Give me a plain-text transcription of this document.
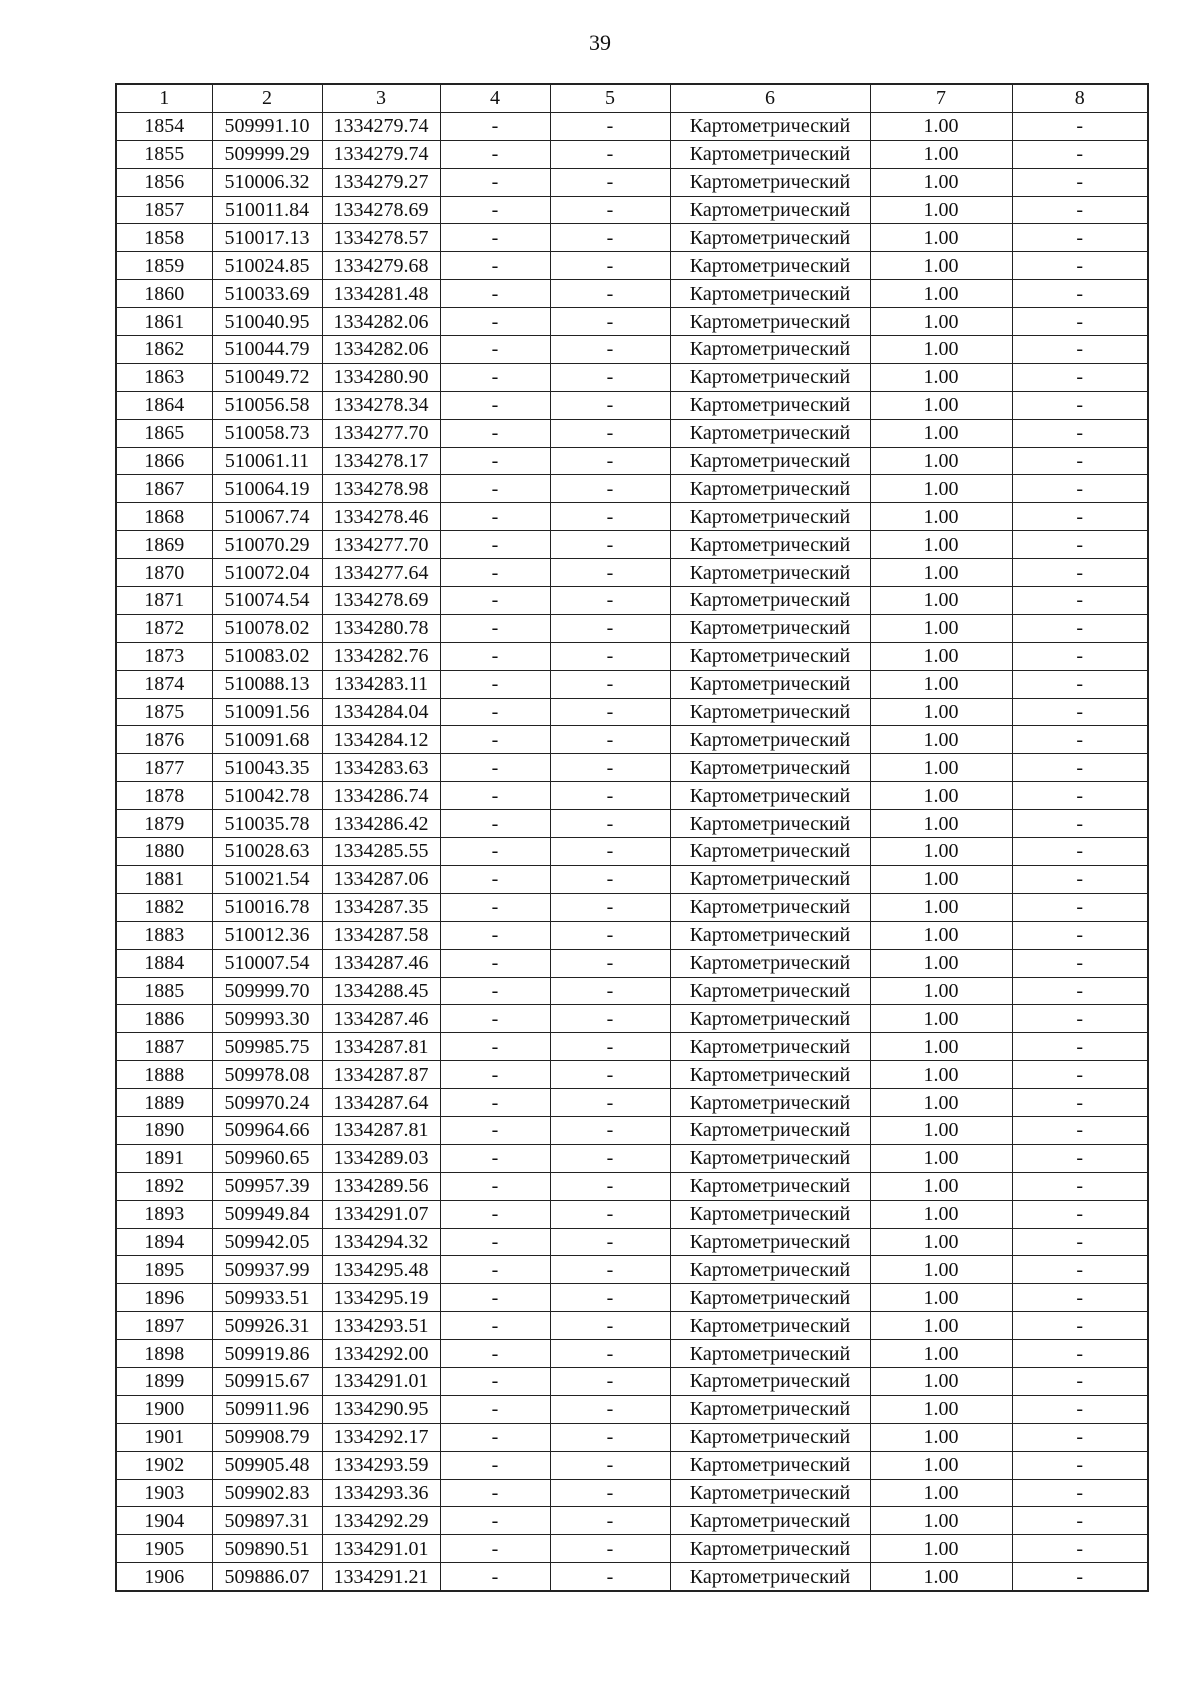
39
1	2	3	4	5	6	7	8
1854	509991.10	1334279.74	-	-	Картометрический	1.00	-
1855	509999.29	1334279.74	-	-	Картометрический	1.00	-
1856	510006.32	1334279.27	-	-	Картометрический	1.00	-
1857	510011.84	1334278.69	-	-	Картометрический	1.00	-
1858	510017.13	1334278.57	-	-	Картометрический	1.00	-
1859	510024.85	1334279.68	-	-	Картометрический	1.00	-
1860	510033.69	1334281.48	-	-	Картометрический	1.00	-
1861	510040.95	1334282.06	-	-	Картометрический	1.00	-
1862	510044.79	1334282.06	-	-	Картометрический	1.00	-
1863	510049.72	1334280.90	-	-	Картометрический	1.00	-
1864	510056.58	1334278.34	-	-	Картометрический	1.00	-
1865	510058.73	1334277.70	-	-	Картометрический	1.00	-
1866	510061.11	1334278.17	-	-	Картометрический	1.00	-
1867	510064.19	1334278.98	-	-	Картометрический	1.00	-
1868	510067.74	1334278.46	-	-	Картометрический	1.00	-
1869	510070.29	1334277.70	-	-	Картометрический	1.00	-
1870	510072.04	1334277.64	-	-	Картометрический	1.00	-
1871	510074.54	1334278.69	-	-	Картометрический	1.00	-
1872	510078.02	1334280.78	-	-	Картометрический	1.00	-
1873	510083.02	1334282.76	-	-	Картометрический	1.00	-
1874	510088.13	1334283.11	-	-	Картометрический	1.00	-
1875	510091.56	1334284.04	-	-	Картометрический	1.00	-
1876	510091.68	1334284.12	-	-	Картометрический	1.00	-
1877	510043.35	1334283.63	-	-	Картометрический	1.00	-
1878	510042.78	1334286.74	-	-	Картометрический	1.00	-
1879	510035.78	1334286.42	-	-	Картометрический	1.00	-
1880	510028.63	1334285.55	-	-	Картометрический	1.00	-
1881	510021.54	1334287.06	-	-	Картометрический	1.00	-
1882	510016.78	1334287.35	-	-	Картометрический	1.00	-
1883	510012.36	1334287.58	-	-	Картометрический	1.00	-
1884	510007.54	1334287.46	-	-	Картометрический	1.00	-
1885	509999.70	1334288.45	-	-	Картометрический	1.00	-
1886	509993.30	1334287.46	-	-	Картометрический	1.00	-
1887	509985.75	1334287.81	-	-	Картометрический	1.00	-
1888	509978.08	1334287.87	-	-	Картометрический	1.00	-
1889	509970.24	1334287.64	-	-	Картометрический	1.00	-
1890	509964.66	1334287.81	-	-	Картометрический	1.00	-
1891	509960.65	1334289.03	-	-	Картометрический	1.00	-
1892	509957.39	1334289.56	-	-	Картометрический	1.00	-
1893	509949.84	1334291.07	-	-	Картометрический	1.00	-
1894	509942.05	1334294.32	-	-	Картометрический	1.00	-
1895	509937.99	1334295.48	-	-	Картометрический	1.00	-
1896	509933.51	1334295.19	-	-	Картометрический	1.00	-
1897	509926.31	1334293.51	-	-	Картометрический	1.00	-
1898	509919.86	1334292.00	-	-	Картометрический	1.00	-
1899	509915.67	1334291.01	-	-	Картометрический	1.00	-
1900	509911.96	1334290.95	-	-	Картометрический	1.00	-
1901	509908.79	1334292.17	-	-	Картометрический	1.00	-
1902	509905.48	1334293.59	-	-	Картометрический	1.00	-
1903	509902.83	1334293.36	-	-	Картометрический	1.00	-
1904	509897.31	1334292.29	-	-	Картометрический	1.00	-
1905	509890.51	1334291.01	-	-	Картометрический	1.00	-
1906	509886.07	1334291.21	-	-	Картометрический	1.00	-
